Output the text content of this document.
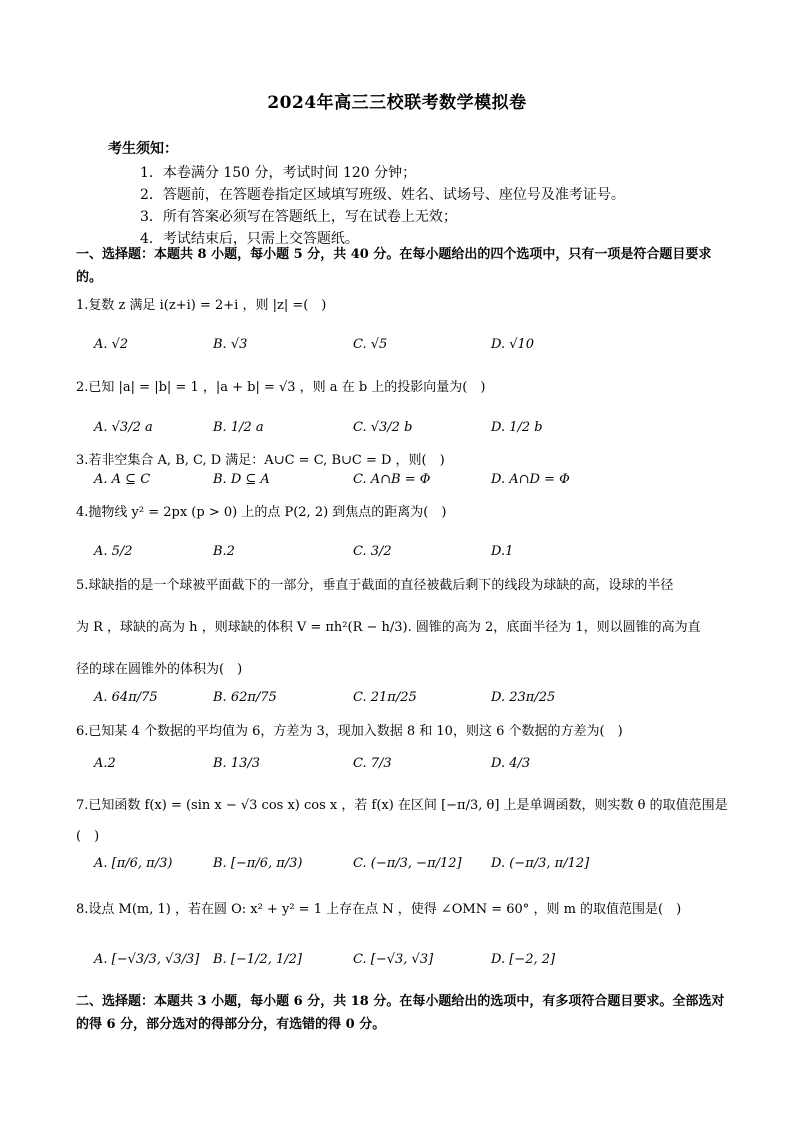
2024年高三三校联考数学模拟卷
考生须知：
1．本卷满分 150 分，考试时间 120 分钟；
2．答题前，在答题卷指定区域填写班级、姓名、试场号、座位号及准考证号。
3．所有答案必须写在答题纸上，写在试卷上无效；
4．考试结束后，只需上交答题纸。
一、选择题：本题共 8 小题，每小题 5 分，共 40 分。在每小题给出的四个选项中，只有一项是符合题目要求的。
1.复数 z 满足 i(z+i) = 2+i ，则 |z| =(　)
A. √2	B. √3	C. √5	D. √10
2.已知 |a| = |b| = 1 ，|a + b| = √3 ，则 a 在 b 上的投影向量为(　)
A. √3/2 a	B. 1/2 a	C. √3/2 b	D. 1/2 b
3.若非空集合 A, B, C, D 满足：A∪C = C, B∪C = D ，则(　)
A. A ⊆ C	B. D ⊆ A	C. A∩B = Φ	D. A∩D = Φ
4.抛物线 y² = 2px (p > 0) 上的点 P(2, 2) 到焦点的距离为(　)
A. 5/2	B.2	C. 3/2	D.1
5.球缺指的是一个球被平面截下的一部分，垂直于截面的直径被截后剩下的线段为球缺的高，设球的半径
为 R ，球缺的高为 h ，则球缺的体积 V = πh²(R − h/3). 圆锥的高为 2，底面半径为 1，则以圆锥的高为直
径的球在圆锥外的体积为(　)
A. 64π/75	B. 62π/75	C. 21π/25	D. 23π/25
6.已知某 4 个数据的平均值为 6，方差为 3，现加入数据 8 和 10，则这 6 个数据的方差为(　)
A.2	B. 13/3	C. 7/3	D. 4/3
7.已知函数 f(x) = (sin x − √3 cos x) cos x ，若 f(x) 在区间 [−π/3, θ] 上是单调函数，则实数 θ 的取值范围是
(　)
A. [π/6, π/3)	B. [−π/6, π/3)	C. (−π/3, −π/12] D. (−π/3, π/12]
8.设点 M(m, 1) ，若在圆 O: x² + y² = 1 上存在点 N ，使得 ∠OMN = 60° ，则 m 的取值范围是(　)
A. [−√3/3, √3/3] B. [−1/2, 1/2]	C. [−√3, √3]	D. [−2, 2]
二、选择题：本题共 3 小题，每小题 6 分，共 18 分。在每小题给出的选项中，有多项符合题目要求。全部选对的得 6 分，部分选对的得部分分，有选错的得 0 分。
